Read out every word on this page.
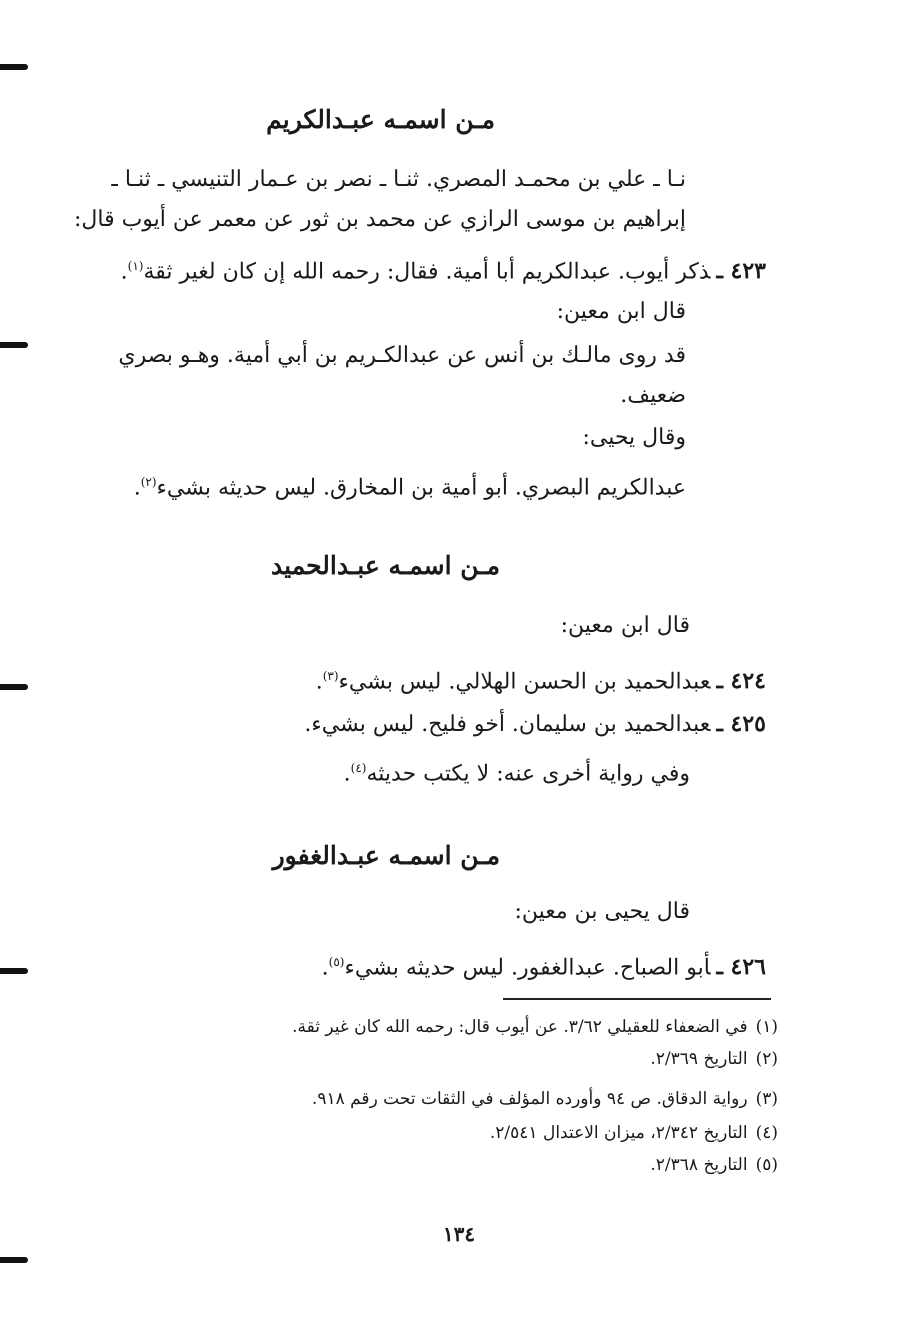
مـن اسمـه عبـدالكريم
نـا ـ علي بن محمـد المصري. ثنـا ـ نصر بن عـمار التنيسي ـ ثنـا ـ
إبراهيم بن موسى الرازي عن محمد بن ثور عن معمر عن أيوب قال:
٤٢٣ ـذكر أيوب. عبدالكريم أبا أمية. فقال: رحمه الله إن كان لغير ثقة$^{(١)}$.
قال ابن معين:
قد روى مالـك بن أنس عن عبدالكـريم بن أبي أمية. وهـو بصري
ضعيف.
وقال يحيى:
عبدالكريم البصري. أبو أمية بن المخارق. ليس حديثه بشيء$^{(٢)}$.
مـن اسمـه عبـدالحميد
قال ابن معين:
٤٢٤ ـعبدالحميد بن الحسن الهلالي. ليس بشيء$^{(٣)}$.
٤٢٥ ـعبدالحميد بن سليمان. أخو فليح. ليس بشيء.
وفي رواية أخرى عنه: لا يكتب حديثه$^{(٤)}$.
مـن اسمـه عبـدالغفور
قال يحيى بن معين:
٤٢٦ ـأبو الصباح. عبدالغفور. ليس حديثه بشيء$^{(٥)}$.
(١)في الضعفاء للعقيلي ٣/٦٢. عن أيوب قال: رحمه الله كان غير ثقة.
(٢)التاريخ ٢/٣٦٩.
(٣)رواية الدقاق. ص ٩٤ وأورده المؤلف في الثقات تحت رقم ٩١٨.
(٤)التاريخ ٢/٣٤٢، ميزان الاعتدال ٢/٥٤١.
(٥)التاريخ ٢/٣٦٨.
١٣٤
